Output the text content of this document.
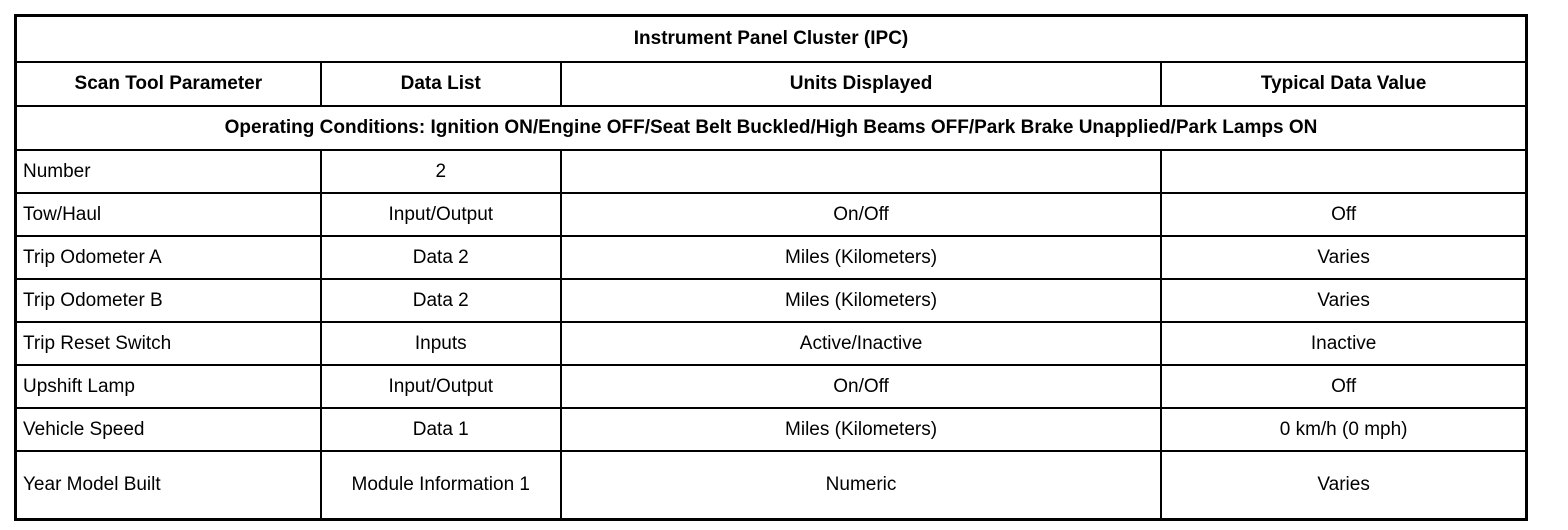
Instrument Panel Cluster (IPC)			
Scan Tool Parameter	Data List	Units Displayed	Typical Data Value
Operating Conditions: Ignition ON/Engine OFF/Seat Belt Buckled/High Beams OFF/Park Brake Unapplied/Park Lamps ON			
Number	2		
Tow/Haul	Input/Output	On/Off	Off
Trip Odometer A	Data 2	Miles (Kilometers)	Varies
Trip Odometer B	Data 2	Miles (Kilometers)	Varies
Trip Reset Switch	Inputs	Active/Inactive	Inactive
Upshift Lamp	Input/Output	On/Off	Off
Vehicle Speed	Data 1	Miles (Kilometers)	0 km/h (0 mph)
Year Model Built	Module Information 1	Numeric	Varies
